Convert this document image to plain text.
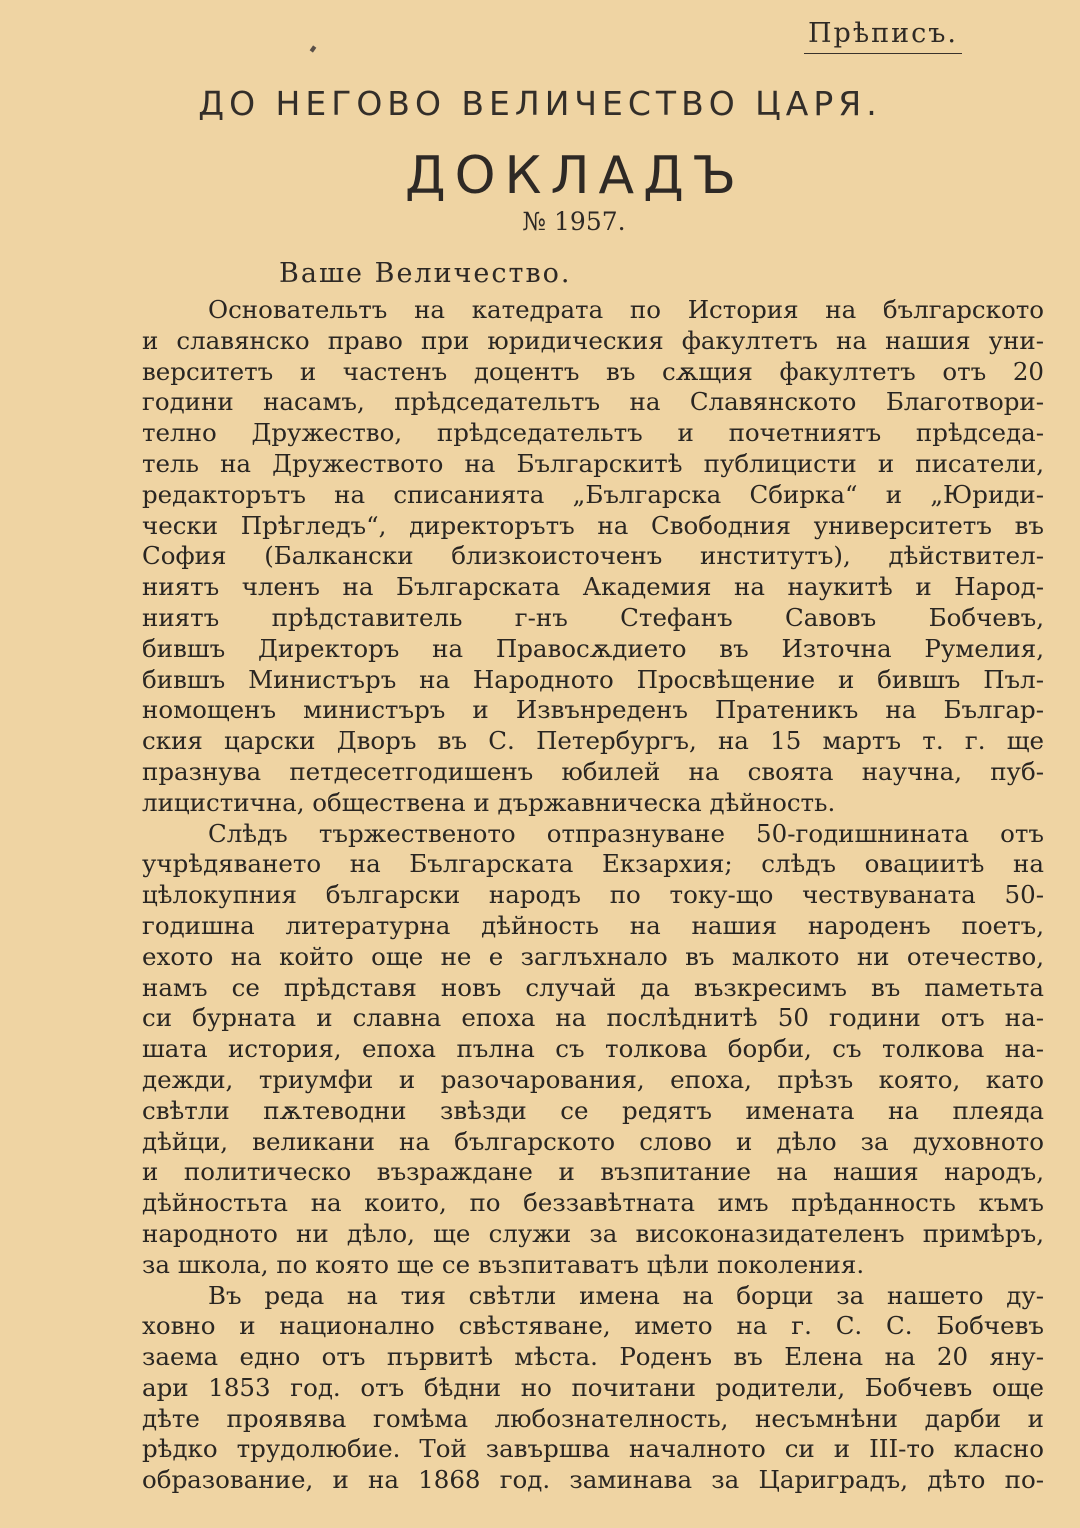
Прѣписъ.
ДО НЕГОВО ВЕЛИЧЕСТВО ЦАРЯ.
ДОКЛАДЪ
№ 1957.
Ваше Величество.

Основательтъ на катедрата по История на българското
и славянско право при юридическия факултетъ на нашия уни-
верситетъ и частенъ доцентъ въ сѫщия факултетъ отъ 20
години насамъ, прѣдседательтъ на Славянското Благотвори-
телно Дружество, прѣдседательтъ и почетниятъ прѣдседа-
тель на Дружеството на Българскитѣ публицисти и писатели,
редакторътъ на списанията „Българска Сбирка“ и „Юриди-
чески Прѣгледъ“, директорътъ на Свободния университетъ въ
София (Балкански близкоисточенъ институтъ), дѣйствител-
ниятъ членъ на Българската Академия на наукитѣ и Народ-
ниятъ прѣдставитель г-нъ Стефанъ Савовъ Бобчевъ,
бившъ Директоръ на Правосѫдието въ Източна Румелия,
бившъ Министъръ на Народното Просвѣщение и бившъ Пъл-
номощенъ министъръ и Извънреденъ Пратеникъ на Българ-
ския царски Дворъ въ С. Петербургъ, на 15 мартъ т. г. ще
празнува петдесетгодишенъ юбилей на своята научна, пуб-
лицистична, обществена и държавническа дѣйность.

Слѣдъ тържественото отпразнуване 50-годишнината отъ
учрѣдяването на Българската Екзархия; слѣдъ овациитѣ на
цѣлокупния български народъ по току-що чествуваната 50-
годишна литературна дѣйность на нашия народенъ поетъ,
ехото на който още не е заглъхнало въ малкото ни отечество,
намъ се прѣдставя новъ случай да възкресимъ въ паметьта
си бурната и славна епоха на послѣднитѣ 50 години отъ на-
шата история, епоха пълна съ толкова борби, съ толкова на-
дежди, триумфи и разочарования, епоха, прѣзъ която, като
свѣтли пѫтеводни звѣзди се редятъ имената на плеяда
дѣйци, великани на българското слово и дѣло за духовното
и политическо възраждане и възпитание на нашия народъ,
дѣйностьта на които, по беззавѣтната имъ прѣданность къмъ
народното ни дѣло, ще служи за високоназидателенъ примѣръ,
за школа, по която ще се възпитаватъ цѣли поколения.

Въ реда на тия свѣтли имена на борци за нашето ду-
ховно и национално свѣстяване, името на г. С. С. Бобчевъ
заема едно отъ първитѣ мѣста. Роденъ въ Елена на 20 яну-
ари 1853 год. отъ бѣдни но почитани родители, Бобчевъ още
дѣте проявява гомѣма любознателность, несъмнѣни дарби и
рѣдко трудолюбие. Той завършва началното си и III-то класно
образование, и на 1868 год. заминава за Цариградъ, дѣто по-
